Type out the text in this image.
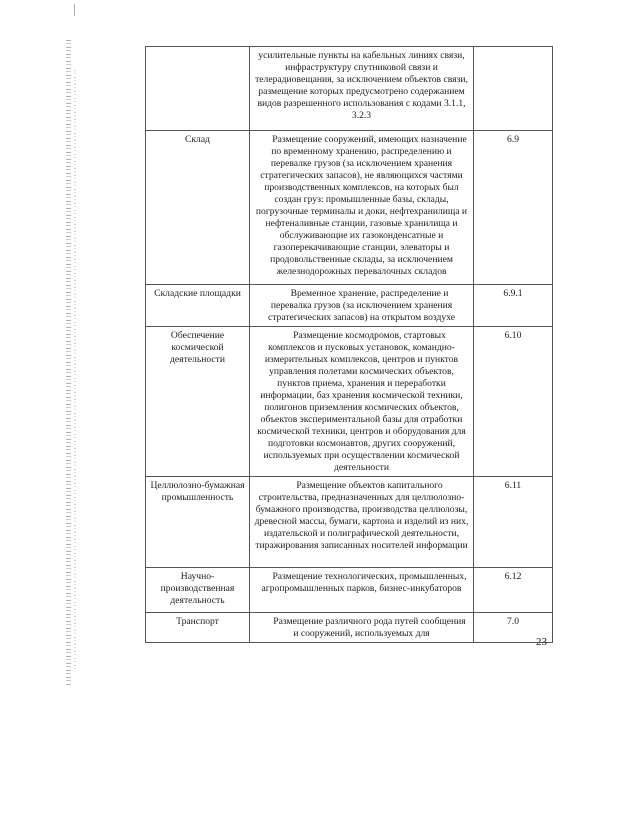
	усилительные пункты на кабельных линиях связи, инфраструктуру спутниковой связи и телерадиовещания, за исключением объектов связи, размещение которых предусмотрено содержанием видов разрешенного использования с кодами 3.1.1, 3.2.3	
Склад	Размещение сооружений, имеющих назначение по временному хранению, распределению и перевалке грузов (за исключением хранения стратегических запасов), не являющихся частями производственных комплексов, на которых был создан груз: промышленные базы, склады, погрузочные терминалы и доки, нефтехранилища и нефтеналивные станции, газовые хранилища и обслуживающие их газоконденсатные и газоперекачивающие станции, элеваторы и продовольственные склады, за исключением железнодорожных перевалочных складов	6.9
Складские площадки	Временное хранение, распределение и перевалка грузов (за исключением хранения стратегических запасов) на открытом воздухе	6.9.1
Обеспечение космической деятельности	Размещение космодромов, стартовых комплексов и пусковых установок, командно-измерительных комплексов, центров и пунктов управления полетами космических объектов, пунктов приема, хранения и переработки информации, баз хранения космической техники, полигонов приземления космических объектов, объектов экспериментальной базы для отработки космической техники, центров и оборудования для подготовки космонавтов, других сооружений, используемых при осуществлении космической деятельности	6.10
Целлюлозно-бумажная промышленность	Размещение объектов капитального строительства, предназначенных для целлюлозно-бумажного производства, производства целлюлозы, древесной массы, бумаги, картона и изделий из них, издательской и полиграфической деятельности, тиражирования записанных носителей информации	6.11
Научно-производственная деятельность	Размещение технологических, промышленных, агропромышленных парков, бизнес-инкубаторов	6.12
Транспорт	Размещение различного рода путей сообщения и сооружений, используемых для	7.0
23
